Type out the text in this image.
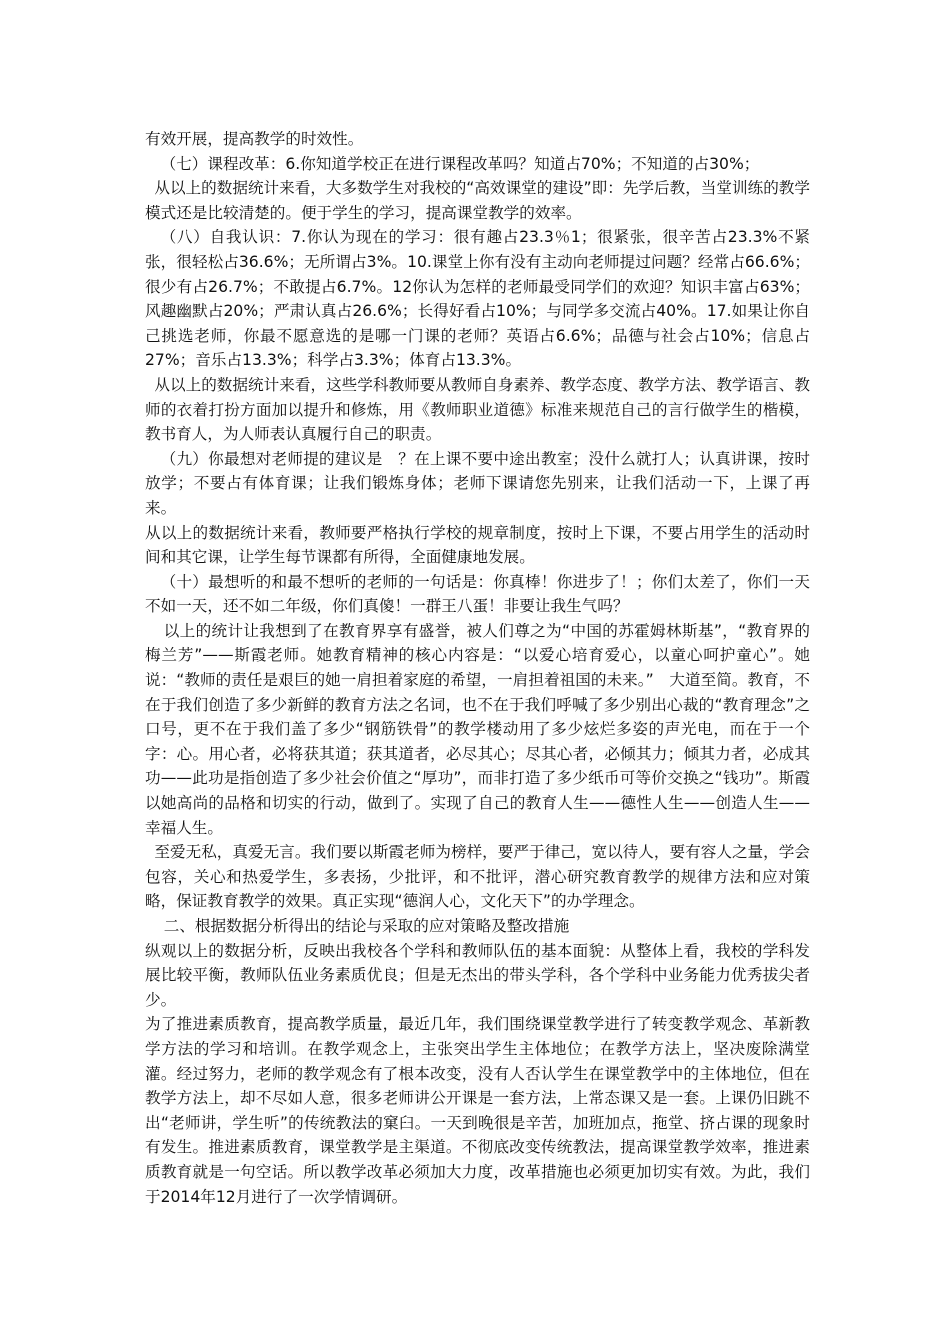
有效开展，提高教学的时效性。

（七）课程改革：6.你知道学校正在进行课程改革吗？知道占70%；不知道的占30%；

从以上的数据统计来看，大多数学生对我校的“高效课堂的建设”即：先学后教，当堂训练的教学模式还是比较清楚的。便于学生的学习，提高课堂教学的效率。

（八）自我认识：7.你认为现在的学习：很有趣占23.3％1；很紧张，很辛苦占23.3%不紧张，很轻松占36.6%；无所谓占3%。10.课堂上你有没有主动向老师提过问题？经常占66.6%；很少有占26.7%；不敢提占6.7%。12你认为怎样的老师最受同学们的欢迎？知识丰富占63%；风趣幽默占20%；严肃认真占26.6%；长得好看占10%；与同学多交流占40%。17.如果让你自己挑选老师，你最不愿意选的是哪一门课的老师？英语占6.6%；品德与社会占10%；信息占27%；音乐占13.3%；科学占3.3%；体育占13.3%。

从以上的数据统计来看，这些学科教师要从教师自身素养、教学态度、教学方法、教学语言、教师的衣着打扮方面加以提升和修炼，用《教师职业道德》标准来规范自己的言行做学生的楷模，教书育人，为人师表认真履行自己的职责。

（九）你最想对老师提的建议是　？在上课不要中途出教室；没什么就打人；认真讲课，按时放学；不要占有体育课；让我们锻炼身体；老师下课请您先别来，让我们活动一下，上课了再来。

从以上的数据统计来看，教师要严格执行学校的规章制度，按时上下课，不要占用学生的活动时间和其它课，让学生每节课都有所得，全面健康地发展。

（十）最想听的和最不想听的老师的一句话是：你真棒！你进步了！；你们太差了，你们一天不如一天，还不如二年级，你们真傻！一群王八蛋！非要让我生气吗？

以上的统计让我想到了在教育界享有盛誉，被人们尊之为“中国的苏霍姆林斯基”，“教育界的梅兰芳”——斯霞老师。她教育精神的核心内容是：“以爱心培育爱心，以童心呵护童心”。她说：“教师的责任是艰巨的她一肩担着家庭的希望，一肩担着祖国的未来。”　大道至简。教育，不在于我们创造了多少新鲜的教育方法之名词，也不在于我们呼喊了多少别出心裁的“教育理念”之口号，更不在于我们盖了多少“钢筋铁骨”的教学楼动用了多少炫烂多姿的声光电，而在于一个字：心。用心者，必将获其道；获其道者，必尽其心；尽其心者，必倾其力；倾其力者，必成其功——此功是指创造了多少社会价值之“厚功”，而非打造了多少纸币可等价交换之“钱功”。斯霞以她高尚的品格和切实的行动，做到了。实现了自己的教育人生——德性人生——创造人生——幸福人生。

至爱无私，真爱无言。我们要以斯霞老师为榜样，要严于律己，宽以待人，要有容人之量，学会包容，关心和热爱学生，多表扬，少批评，和不批评，潜心研究教育教学的规律方法和应对策略，保证教育教学的效果。真正实现“德润人心，文化天下”的办学理念。

二、根据数据分析得出的结论与采取的应对策略及整改措施

纵观以上的数据分析，反映出我校各个学科和教师队伍的基本面貌：从整体上看，我校的学科发展比较平衡，教师队伍业务素质优良；但是无杰出的带头学科，各个学科中业务能力优秀拔尖者少。

为了推进素质教育，提高教学质量，最近几年，我们围绕课堂教学进行了转变教学观念、革新教学方法的学习和培训。在教学观念上，主张突出学生主体地位；在教学方法上，坚决废除满堂灌。经过努力，老师的教学观念有了根本改变，没有人否认学生在课堂教学中的主体地位，但在教学方法上，却不尽如人意，很多老师讲公开课是一套方法，上常态课又是一套。上课仍旧跳不出“老师讲，学生听”的传统教法的窠臼。一天到晚很是辛苦，加班加点，拖堂、挤占课的现象时有发生。推进素质教育，课堂教学是主渠道。不彻底改变传统教法，提高课堂教学效率，推进素质教育就是一句空话。所以教学改革必须加大力度，改革措施也必须更加切实有效。为此，我们于2014年12月进行了一次学情调研。
